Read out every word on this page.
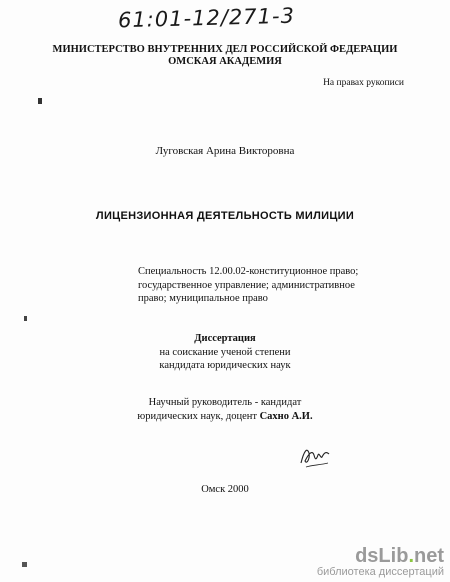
61:01-12/271-3
МИНИСТЕРСТВО ВНУТРЕННИХ ДЕЛ РОССИЙСКОЙ ФЕДЕРАЦИИ
ОМСКАЯ АКАДЕМИЯ
На правах рукописи
Луговская Арина Викторовна
ЛИЦЕНЗИОННАЯ ДЕЯТЕЛЬНОСТЬ МИЛИЦИИ
Специальность 12.00.02-конституционное право;
государственное управление; административное
право; муниципальное право
Диссертация
на соискание ученой степени
кандидата юридических наук
Научный руководитель - кандидат
юридических наук, доцент Сахно А.И.
Омск 2000
dsLib.net
библиотека диссертаций
